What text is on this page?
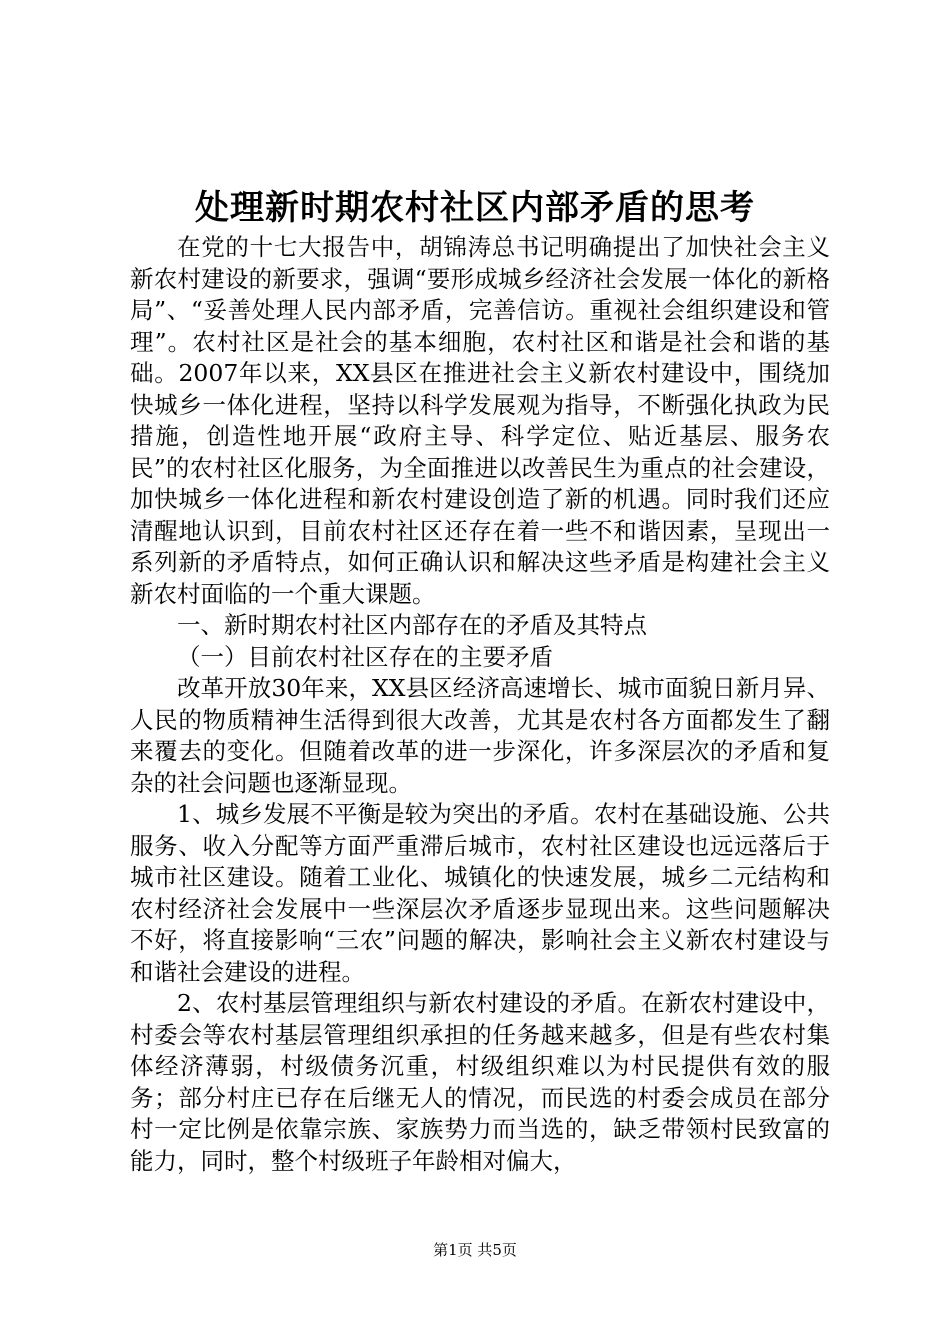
处理新时期农村社区内部矛盾的思考

在党的十七大报告中，胡锦涛总书记明确提出了加快社会主义新农村建设的新要求，强调“要形成城乡经济社会发展一体化的新格局”、“妥善处理人民内部矛盾，完善信访。重视社会组织建设和管理”。农村社区是社会的基本细胞，农村社区和谐是社会和谐的基础。2007年以来，XX县区在推进社会主义新农村建设中，围绕加快城乡一体化进程，坚持以科学发展观为指导，不断强化执政为民措施，创造性地开展“政府主导、科学定位、贴近基层、服务农民”的农村社区化服务，为全面推进以改善民生为重点的社会建设，加快城乡一体化进程和新农村建设创造了新的机遇。同时我们还应清醒地认识到，目前农村社区还存在着一些不和谐因素，呈现出一系列新的矛盾特点，如何正确认识和解决这些矛盾是构建社会主义新农村面临的一个重大课题。

一、新时期农村社区内部存在的矛盾及其特点

（一）目前农村社区存在的主要矛盾

改革开放30年来，XX县区经济高速增长、城市面貌日新月异、人民的物质精神生活得到很大改善，尤其是农村各方面都发生了翻来覆去的变化。但随着改革的进一步深化，许多深层次的矛盾和复杂的社会问题也逐渐显现。

1、城乡发展不平衡是较为突出的矛盾。农村在基础设施、公共服务、收入分配等方面严重滞后城市，农村社区建设也远远落后于城市社区建设。随着工业化、城镇化的快速发展，城乡二元结构和农村经济社会发展中一些深层次矛盾逐步显现出来。这些问题解决不好，将直接影响“三农”问题的解决，影响社会主义新农村建设与和谐社会建设的进程。

2、农村基层管理组织与新农村建设的矛盾。在新农村建设中，村委会等农村基层管理组织承担的任务越来越多，但是有些农村集体经济薄弱，村级债务沉重，村级组织难以为村民提供有效的服务；部分村庄已存在后继无人的情况，而民选的村委会成员在部分村一定比例是依靠宗族、家族势力而当选的，缺乏带领村民致富的能力，同时，整个村级班子年龄相对偏大，

第1页 共5页
